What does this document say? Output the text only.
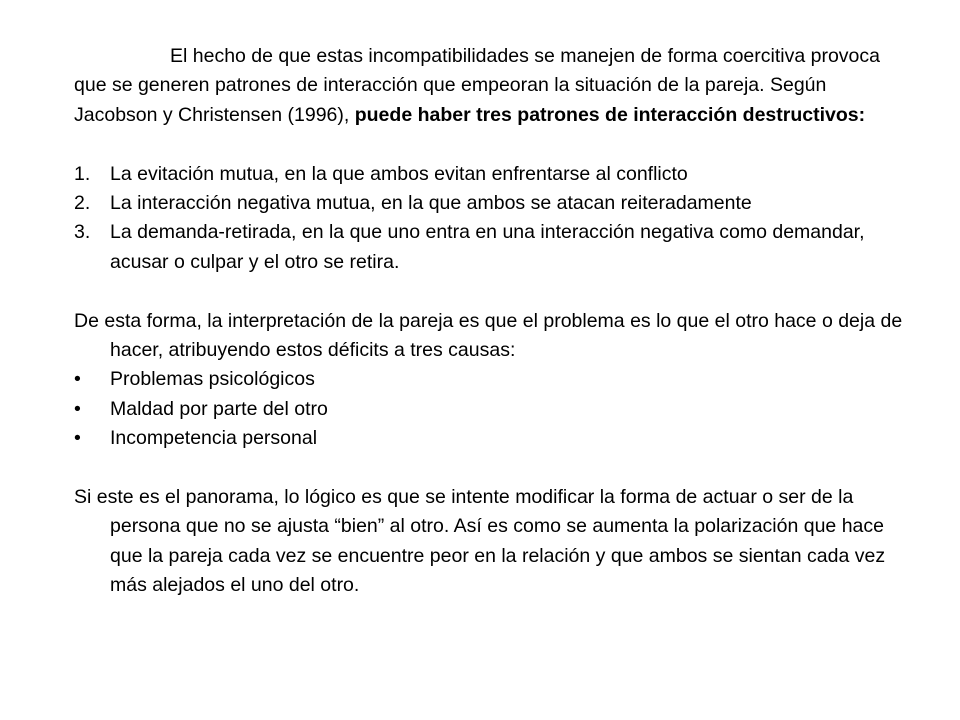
El hecho de que estas incompatibilidades se manejen de forma coercitiva provoca que se generen patrones de interacción que empeoran la situación de la pareja. Según Jacobson y Christensen (1996), puede haber tres patrones de interacción destructivos:

1.	La evitación mutua, en la que ambos evitan enfrentarse al conflicto
2.	La interacción negativa mutua, en la que ambos se atacan reiteradamente
3.	La demanda-retirada, en la que uno entra en una interacción negativa como demandar, acusar o culpar y el otro se retira.

De esta forma, la interpretación de la pareja es que el problema es lo que el otro hace o deja de hacer, atribuyendo estos déficits a tres causas:

•	Problemas psicológicos
•	Maldad por parte del otro
•	Incompetencia personal

Si este es el panorama, lo lógico es que se intente modificar la forma de actuar o ser de la persona que no se ajusta “bien” al otro. Así es como se aumenta la polarización que hace que la pareja cada vez se encuentre peor en la relación y que ambos se sientan cada vez más alejados el uno del otro.
